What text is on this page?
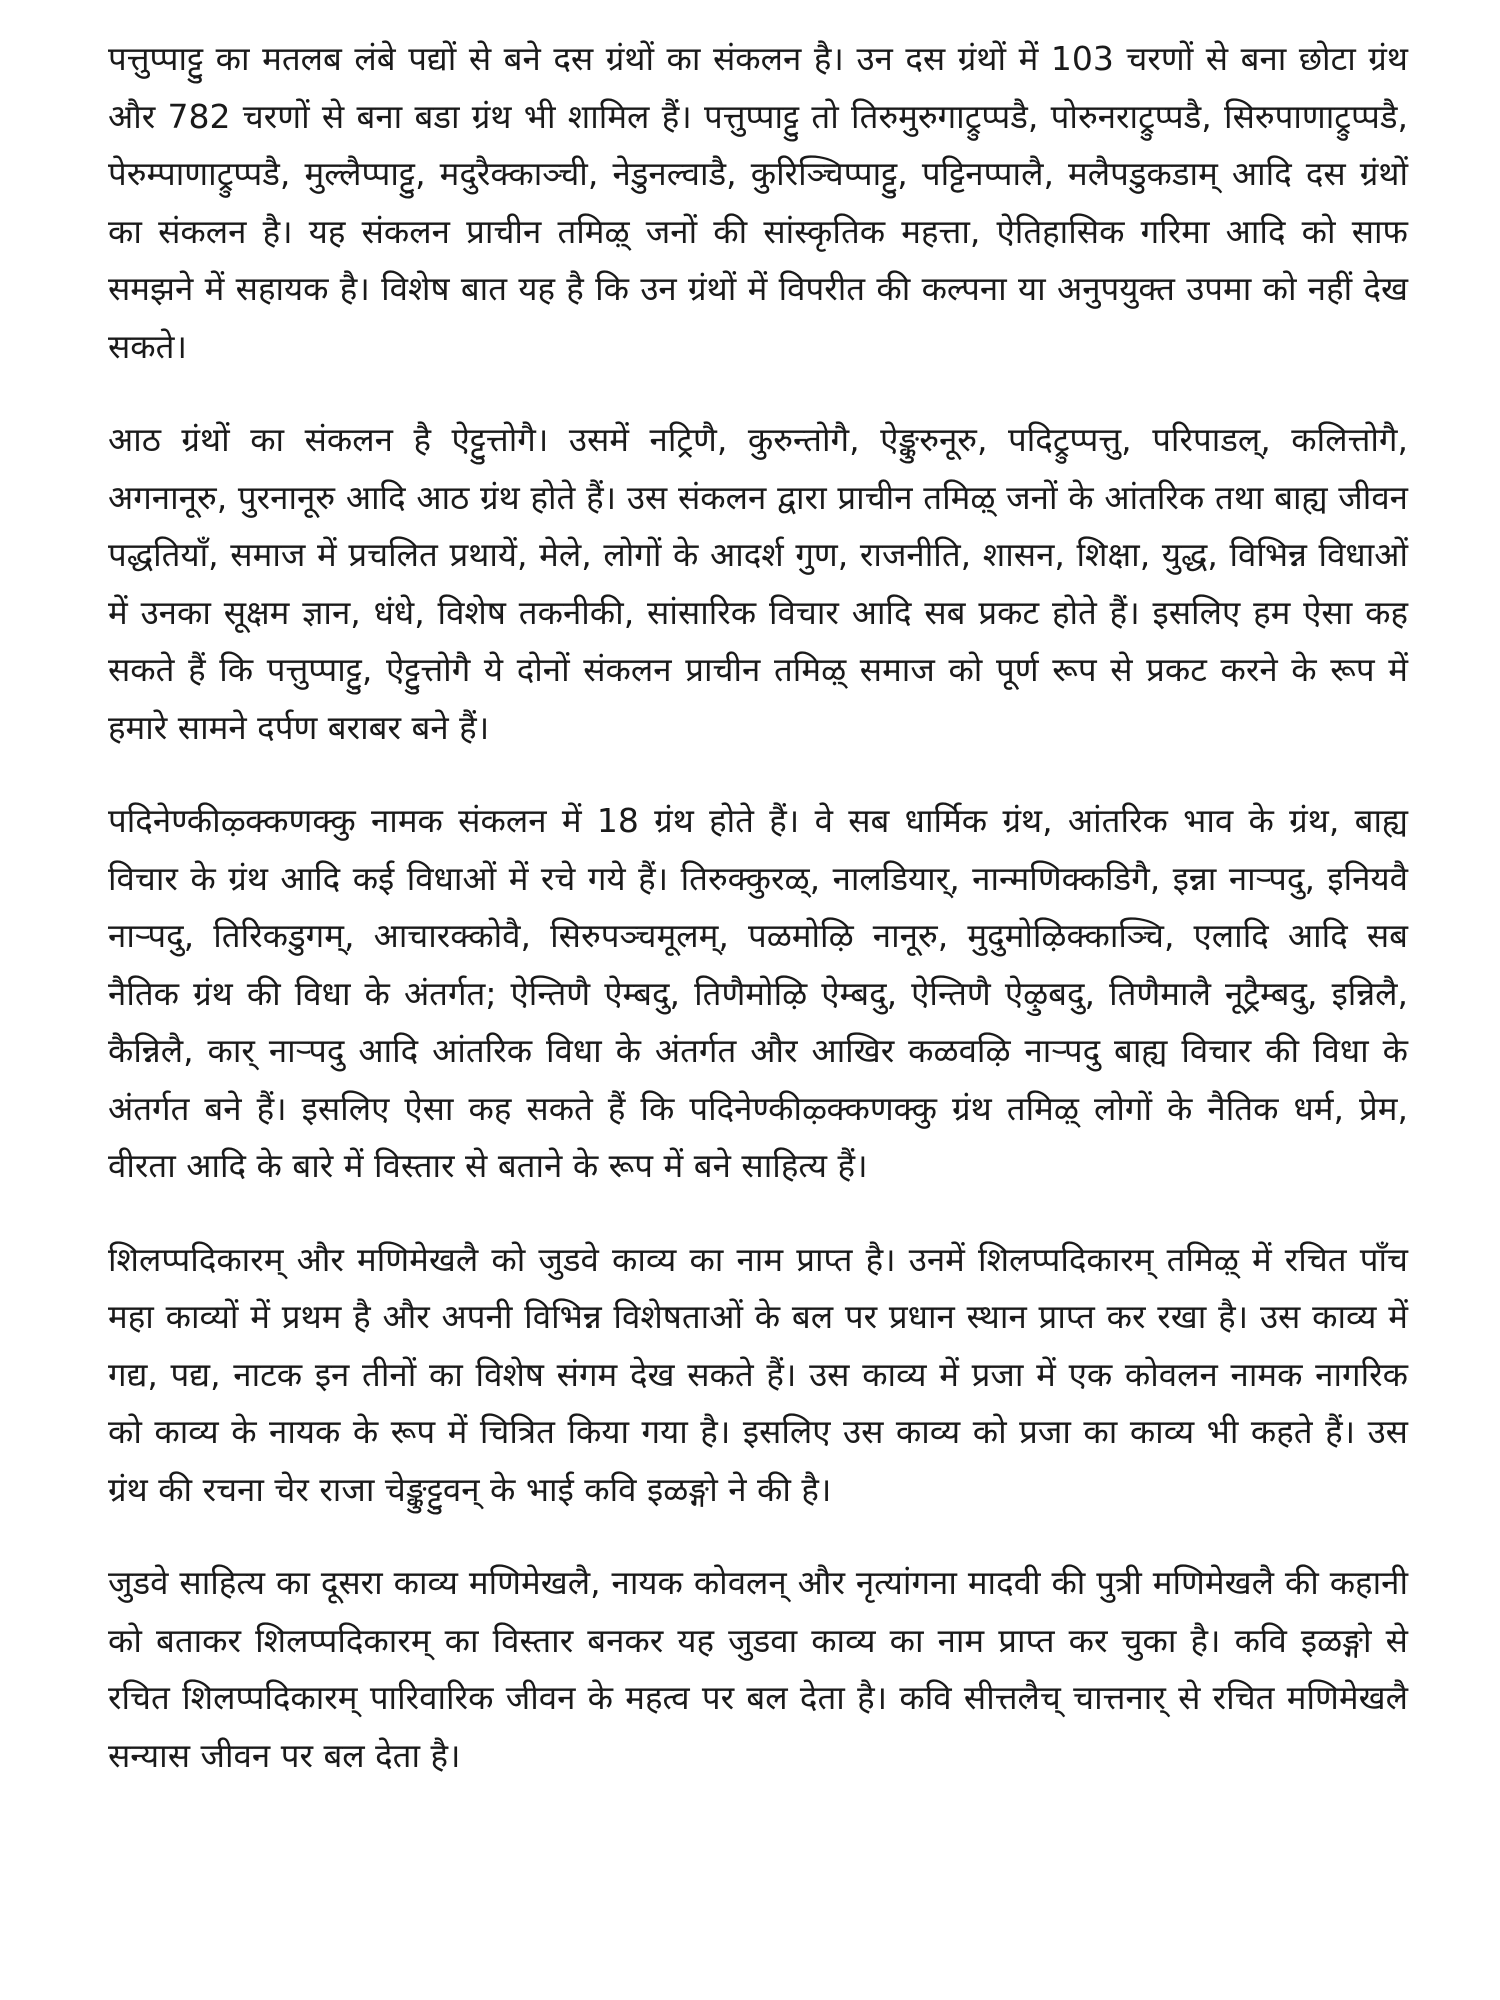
पत्तुप्पाट्टु का मतलब लंबे पद्यों से बने दस ग्रंथों का संकलन है। उन दस ग्रंथों में 103 चरणों से बना छोटा ग्रंथ और 782 चरणों से बना बडा ग्रंथ भी शामिल हैं। पत्तुप्पाट्टु तो तिरुमुरुगाट्रुप्पडै, पोरुनराट्रुप्पडै, सिरुपाणाट्रुप्पडै, पेरुम्पाणाट्रुप्पडै, मुल्लैप्पाट्टु, मदुरैक्काञ्ची, नेडुनल्वाडै, कुरिञ्चिप्पाट्टु, पट्टिनप्पालै, मलैपडुकडाम् आदि दस ग्रंथों का संकलन है। यह संकलन प्राचीन तमिऴ् जनों की सांस्कृतिक महत्ता, ऐतिहासिक गरिमा आदि को साफ समझने में सहायक है। विशेष बात यह है कि उन ग्रंथों में विपरीत की कल्पना या अनुपयुक्त उपमा को नहीं देख सकते।

आठ ग्रंथों का संकलन है ऐट्टुत्तोगै। उसमें नट्रिणै, कुरुन्तोगै, ऐङ्कुरुनूरु, पदिट्रुप्पत्तु, परिपाडल्, कलित्तोगै, अगनानूरु, पुरनानूरु आदि आठ ग्रंथ होते हैं। उस संकलन द्वारा प्राचीन तमिऴ् जनों के आंतरिक तथा बाह्य जीवन पद्धतियाँ, समाज में प्रचलित प्रथायें, मेले, लोगों के आदर्श गुण, राजनीति, शासन, शिक्षा, युद्ध, विभिन्न विधाओं में उनका सूक्षम ज्ञान, धंधे, विशेष तकनीकी, सांसारिक विचार आदि सब प्रकट होते हैं। इसलिए हम ऐसा कह सकते हैं कि पत्तुप्पाट्टु, ऐट्टुत्तोगै ये दोनों संकलन प्राचीन तमिऴ् समाज को पूर्ण रूप से प्रकट करने के रूप में हमारे सामने दर्पण बराबर बने हैं।

पदिनेण्कीऴ्क्कणक्कु नामक संकलन में 18 ग्रंथ होते हैं। वे सब धार्मिक ग्रंथ, आंतरिक भाव के ग्रंथ, बाह्य विचार के ग्रंथ आदि कई विधाओं में रचे गये हैं। तिरुक्कुरळ्, नालडियार्, नान्मणिक्कडिगै, इन्ना नाऱ्पदु, इनियवै नाऱ्पदु, तिरिकडुगम्, आचारक्कोवै, सिरुपञ्चमूलम्, पळमोऴि नानूरु, मुदुमोऴिक्काञ्चि, एलादि आदि सब नैतिक ग्रंथ की विधा के अंतर्गत; ऐन्तिणै ऐम्बदु, तिणैमोऴि ऐम्बदु, ऐन्तिणै ऐऴुबदु, तिणैमालै नूट्रैम्बदु, इन्निलै, कैन्निलै, कार् नाऱ्पदु आदि आंतरिक विधा के अंतर्गत और आखिर कळवऴि नाऱ्पदु बाह्य विचार की विधा के अंतर्गत बने हैं। इसलिए ऐसा कह सकते हैं कि पदिनेण्कीऴ्क्कणक्कु ग्रंथ तमिऴ् लोगों के नैतिक धर्म, प्रेम, वीरता आदि के बारे में विस्तार से बताने के रूप में बने साहित्य हैं।

शिलप्पदिकारम् और मणिमेखलै को जुडवे काव्य का नाम प्राप्त है। उनमें शिलप्पदिकारम् तमिऴ् में रचित पाँच महा काव्यों में प्रथम है और अपनी विभिन्न विशेषताओं के बल पर प्रधान स्थान प्राप्त कर रखा है। उस काव्य में गद्य, पद्य, नाटक इन तीनों का विशेष संगम देख सकते हैं। उस काव्य में प्रजा में एक कोवलन नामक नागरिक को काव्य के नायक के रूप में चित्रित किया गया है। इसलिए उस काव्य को प्रजा का काव्य भी कहते हैं। उस ग्रंथ की रचना चेर राजा चेङ्कुट्टुवन् के भाई कवि इळङ्गो ने की है।

जुडवे साहित्य का दूसरा काव्य मणिमेखलै, नायक कोवलन् और नृत्यांगना मादवी की पुत्री मणिमेखलै की कहानी को बताकर शिलप्पदिकारम् का विस्तार बनकर यह जुडवा काव्य का नाम प्राप्त कर चुका है। कवि इळङ्गो से रचित शिलप्पदिकारम् पारिवारिक जीवन के महत्व पर बल देता है। कवि सीत्तलैच् चात्तनार् से रचित मणिमेखलै सन्यास जीवन पर बल देता है।
